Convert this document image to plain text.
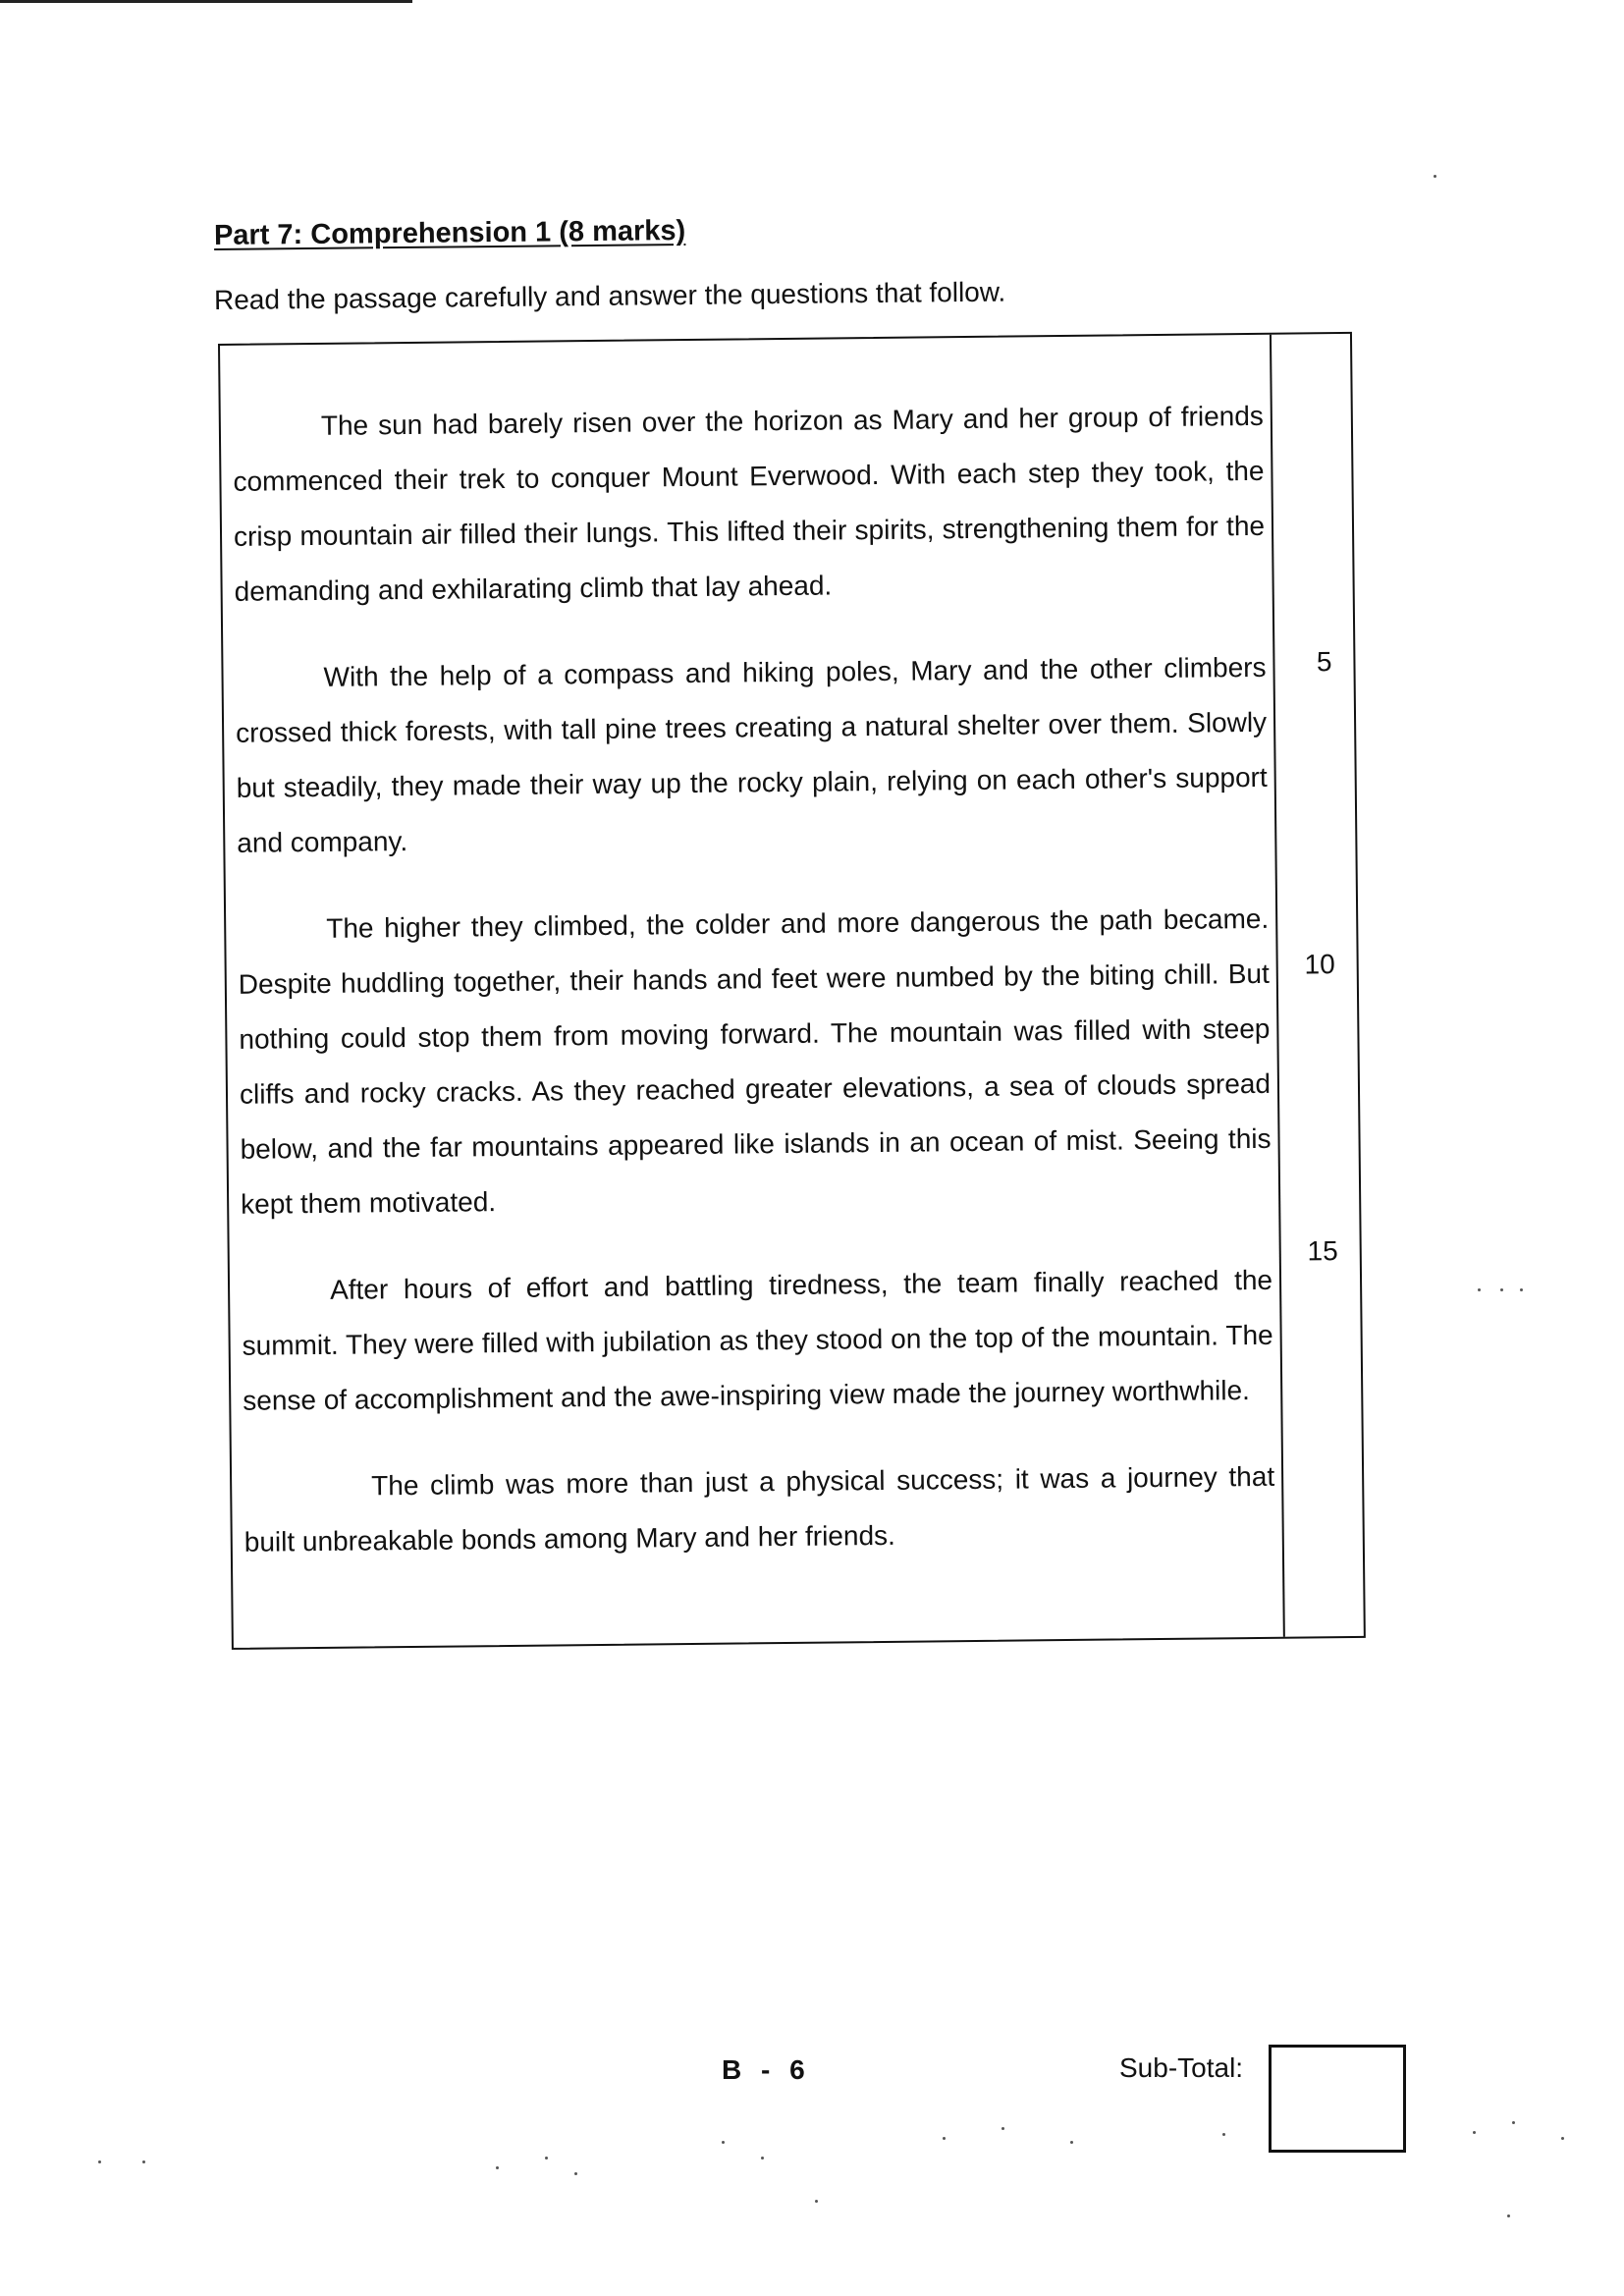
Part 7: Comprehension 1 (8 marks)
Read the passage carefully and answer the questions that follow.

The sun had barely risen over the horizon as Mary and her group of friends commenced their trek to conquer Mount Everwood. With each step they took, the crisp mountain air filled their lungs. This lifted their spirits, strengthening them for the demanding and exhilarating climb that lay ahead.

With the help of a compass and hiking poles, Mary and the other climbers crossed thick forests, with tall pine trees creating a natural shelter over them. Slowly but steadily, they made their way up the rocky plain, relying on each other's support and company.

The higher they climbed, the colder and more dangerous the path became. Despite huddling together, their hands and feet were numbed by the biting chill. But nothing could stop them from moving forward. The mountain was filled with steep cliffs and rocky cracks. As they reached greater elevations, a sea of clouds spread below, and the far mountains appeared like islands in an ocean of mist. Seeing this kept them motivated.

After hours of effort and battling tiredness, the team finally reached the summit. They were filled with jubilation as they stood on the top of the mountain. The sense of accomplishment and the awe-inspiring view made the journey worthwhile.

The climb was more than just a physical success; it was a journey that built unbreakable bonds among Mary and her friends.

5
10
15
B - 6	Sub-Total:
